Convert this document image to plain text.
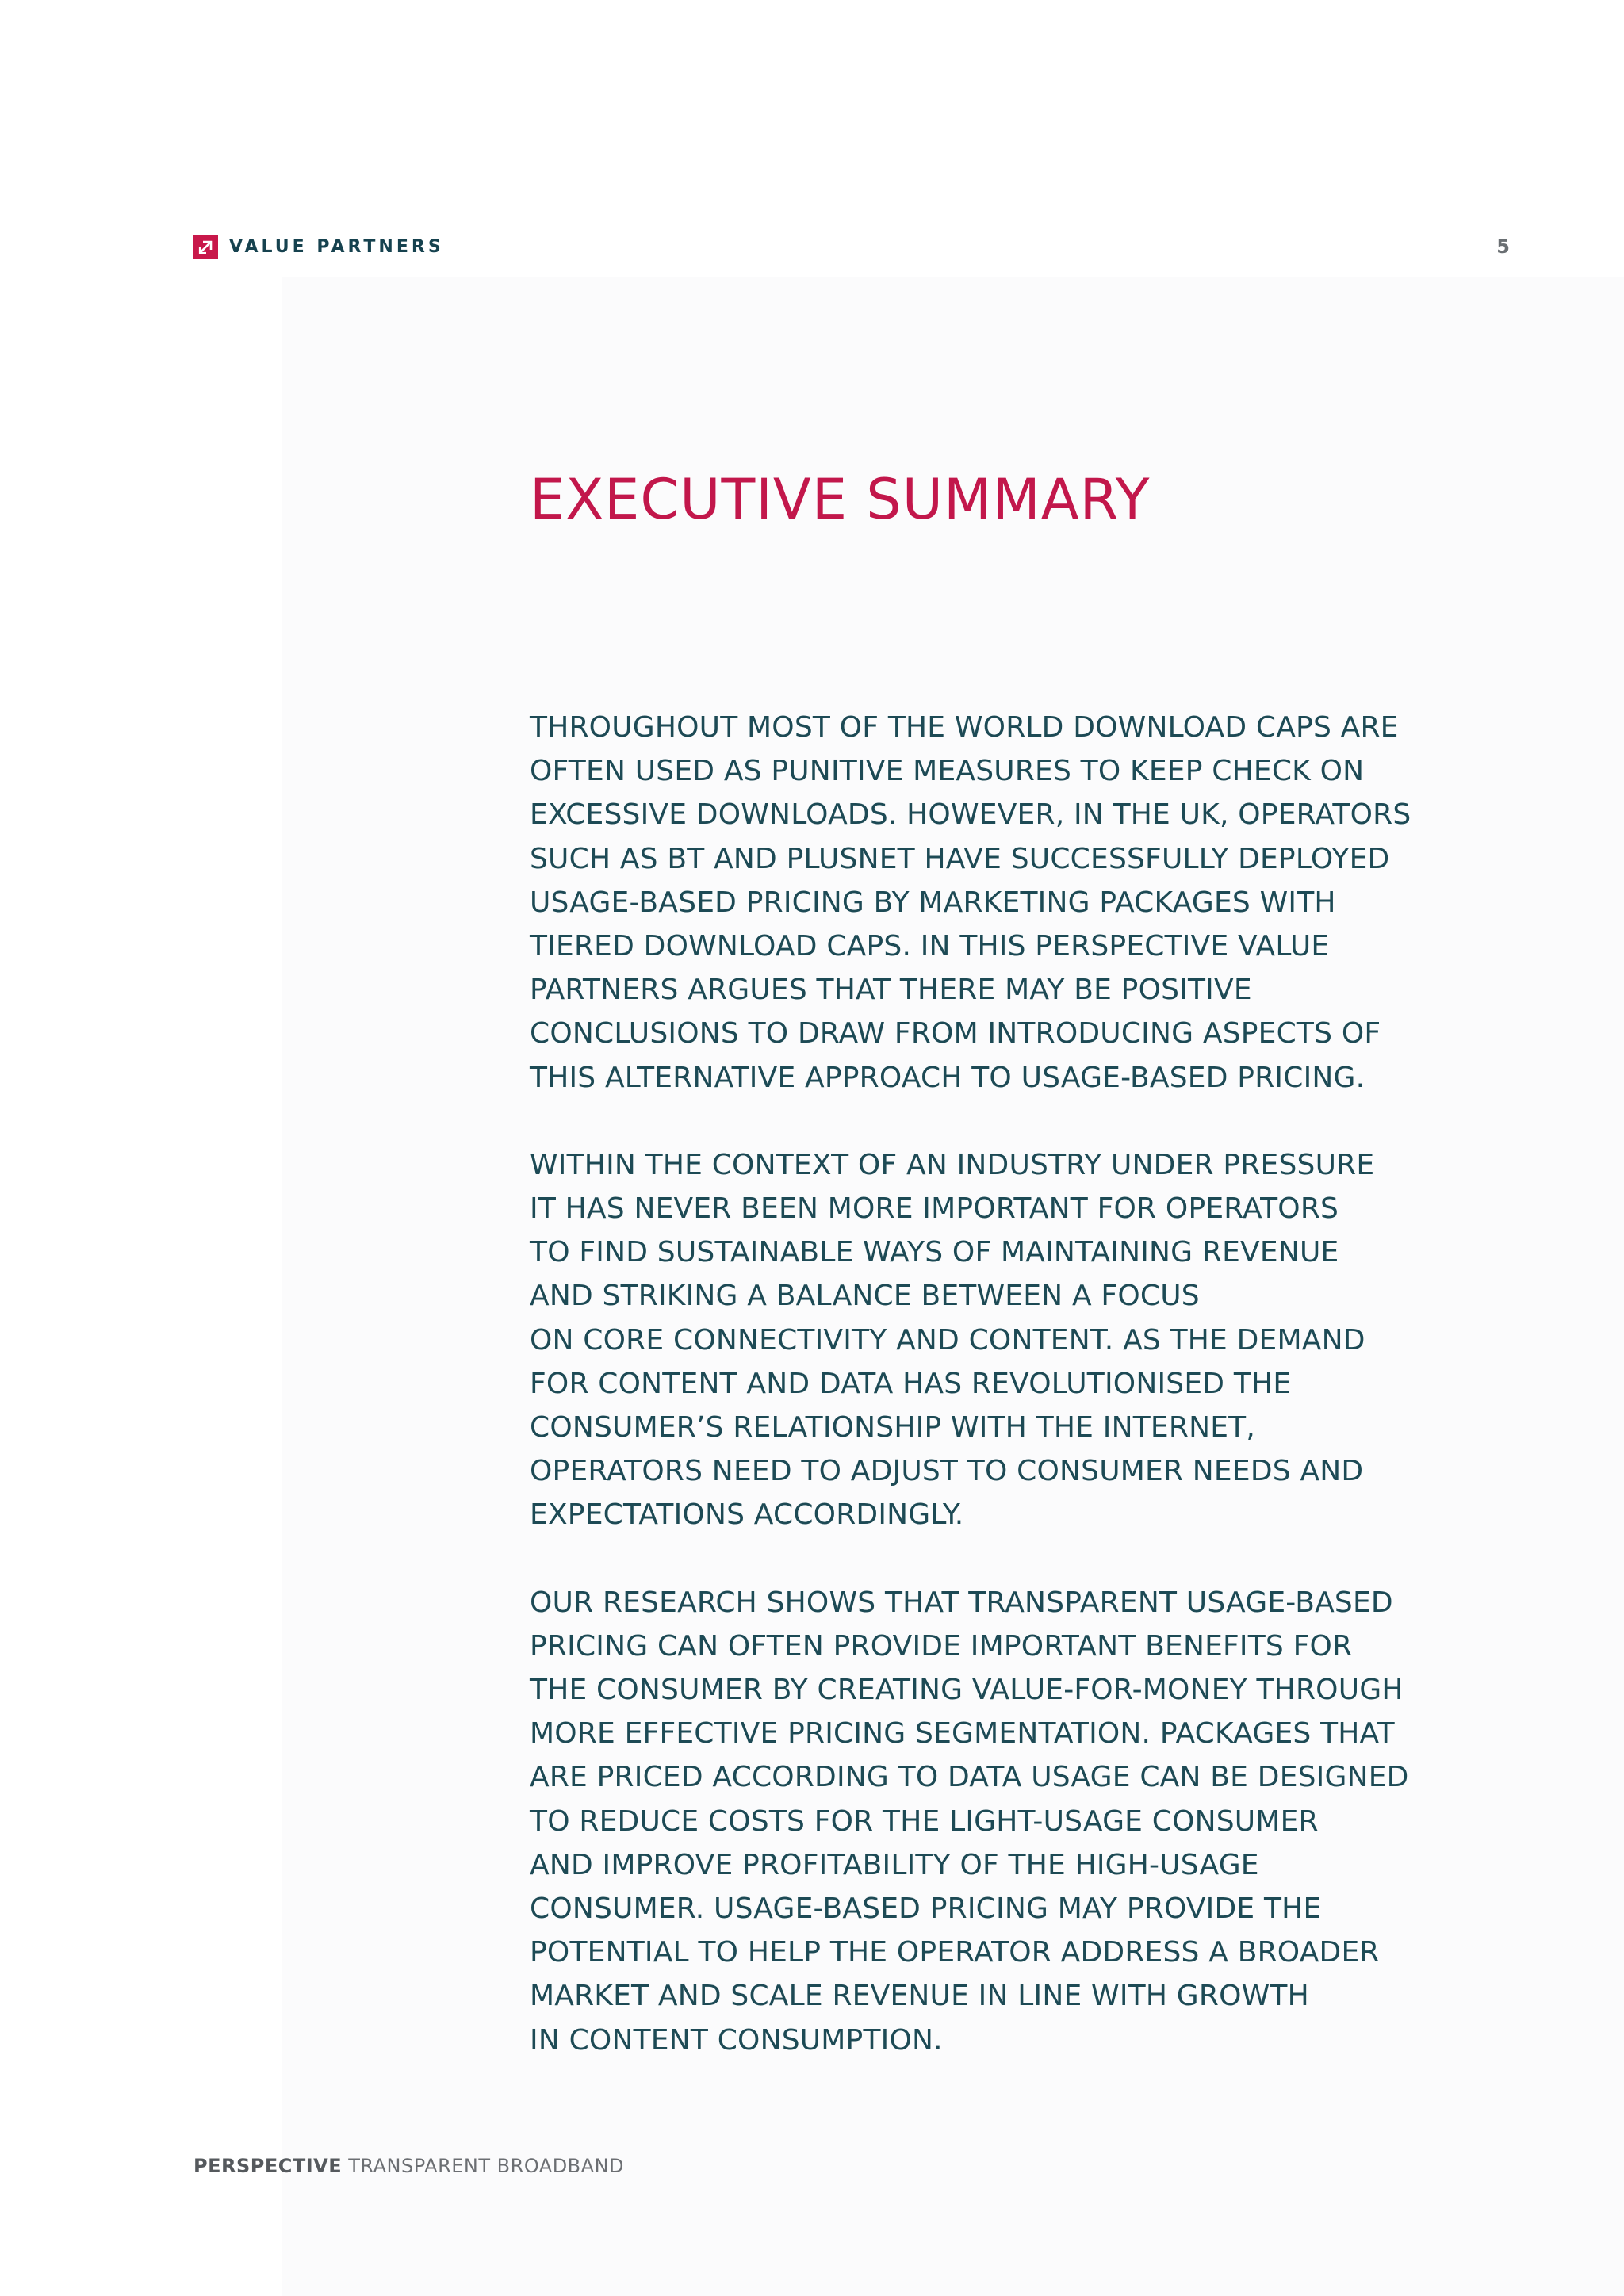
VALUE PARTNERS	5
EXECUTIVE SUMMARY

THROUGHOUT MOST OF THE WORLD DOWNLOAD CAPS ARE
OFTEN USED AS PUNITIVE MEASURES TO KEEP CHECK ON
EXCESSIVE DOWNLOADS. HOWEVER, IN THE UK, OPERATORS
SUCH AS BT AND PLUSNET HAVE SUCCESSFULLY DEPLOYED
USAGE-BASED PRICING BY MARKETING PACKAGES WITH
TIERED DOWNLOAD CAPS. IN THIS PERSPECTIVE VALUE
PARTNERS ARGUES THAT THERE MAY BE POSITIVE
CONCLUSIONS TO DRAW FROM INTRODUCING ASPECTS OF
THIS ALTERNATIVE APPROACH TO USAGE-BASED PRICING.

WITHIN THE CONTEXT OF AN INDUSTRY UNDER PRESSURE
IT HAS NEVER BEEN MORE IMPORTANT FOR OPERATORS
TO FIND SUSTAINABLE WAYS OF MAINTAINING REVENUE
AND STRIKING A BALANCE BETWEEN A FOCUS
ON CORE CONNECTIVITY AND CONTENT. AS THE DEMAND
FOR CONTENT AND DATA HAS REVOLUTIONISED THE
CONSUMER’S RELATIONSHIP WITH THE INTERNET,
OPERATORS NEED TO ADJUST TO CONSUMER NEEDS AND
EXPECTATIONS ACCORDINGLY.

OUR RESEARCH SHOWS THAT TRANSPARENT USAGE-BASED
PRICING CAN OFTEN PROVIDE IMPORTANT BENEFITS FOR
THE CONSUMER BY CREATING VALUE-FOR-MONEY THROUGH
MORE EFFECTIVE PRICING SEGMENTATION. PACKAGES THAT
ARE PRICED ACCORDING TO DATA USAGE CAN BE DESIGNED
TO REDUCE COSTS FOR THE LIGHT-USAGE CONSUMER
AND IMPROVE PROFITABILITY OF THE HIGH-USAGE
CONSUMER. USAGE-BASED PRICING MAY PROVIDE THE
POTENTIAL TO HELP THE OPERATOR ADDRESS A BROADER
MARKET AND SCALE REVENUE IN LINE WITH GROWTH
IN CONTENT CONSUMPTION.

PERSPECTIVE TRANSPARENT BROADBAND
